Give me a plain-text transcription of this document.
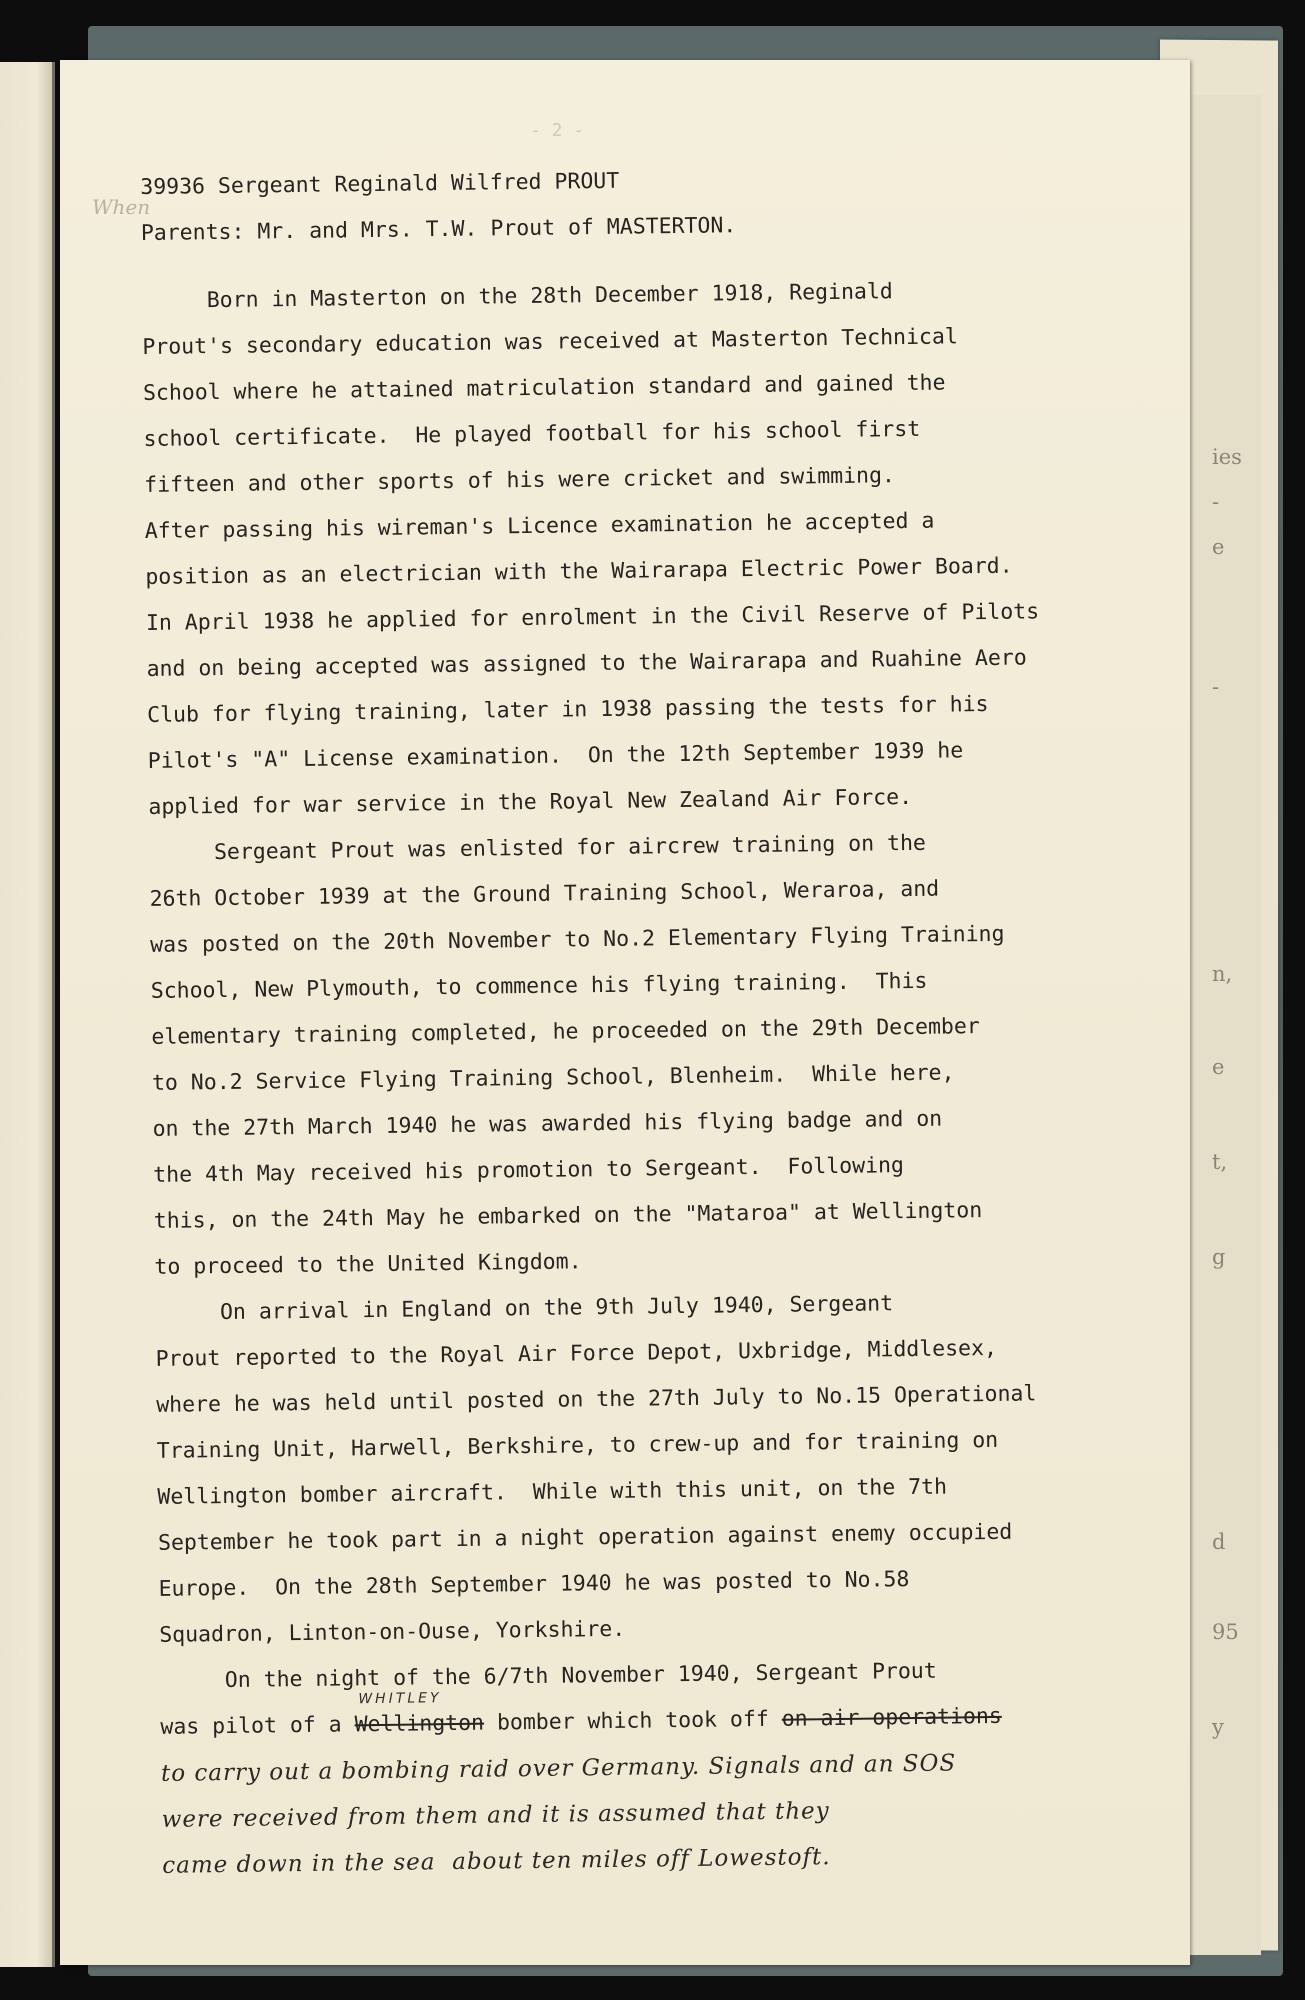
ies
-
e
-
n,
e
t,
g
d
95
y
- 2 -
When
39936 Sergeant Reginald Wilfred PROUT
Parents: Mr. and Mrs. T.W. Prout of MASTERTON.
Born in Masterton on the 28th December 1918, Reginald
Prout's secondary education was received at Masterton Technical
School where he attained matriculation standard and gained the
school certificate.  He played football for his school first
fifteen and other sports of his were cricket and swimming.
After passing his wireman's Licence examination he accepted a
position as an electrician with the Wairarapa Electric Power Board.
In April 1938 he applied for enrolment in the Civil Reserve of Pilots
and on being accepted was assigned to the Wairarapa and Ruahine Aero
Club for flying training, later in 1938 passing the tests for his
Pilot's "A" License examination.  On the 12th September 1939 he
applied for war service in the Royal New Zealand Air Force.
Sergeant Prout was enlisted for aircrew training on the
26th October 1939 at the Ground Training School, Weraroa, and
was posted on the 20th November to No.2 Elementary Flying Training
School, New Plymouth, to commence his flying training.  This
elementary training completed, he proceeded on the 29th December
to No.2 Service Flying Training School, Blenheim.  While here,
on the 27th March 1940 he was awarded his flying badge and on
the 4th May received his promotion to Sergeant.  Following
this, on the 24th May he embarked on the "Mataroa" at Wellington
to proceed to the United Kingdom.
On arrival in England on the 9th July 1940, Sergeant
Prout reported to the Royal Air Force Depot, Uxbridge, Middlesex,
where he was held until posted on the 27th July to No.15 Operational
Training Unit, Harwell, Berkshire, to crew-up and for training on
Wellington bomber aircraft.  While with this unit, on the 7th
September he took part in a night operation against enemy occupied
Europe.  On the 28th September 1940 he was posted to No.58
Squadron, Linton-on-Ouse, Yorkshire.
On the night of the 6/7th November 1940, Sergeant Prout
was pilot of a
WHITLEY
Wellington bomber which took off on air operations
to carry out a bombing raid over Germany. Signals and an SOS
were received from them and it is assumed that they
came down in the sea  about ten miles off Lowestoft.
